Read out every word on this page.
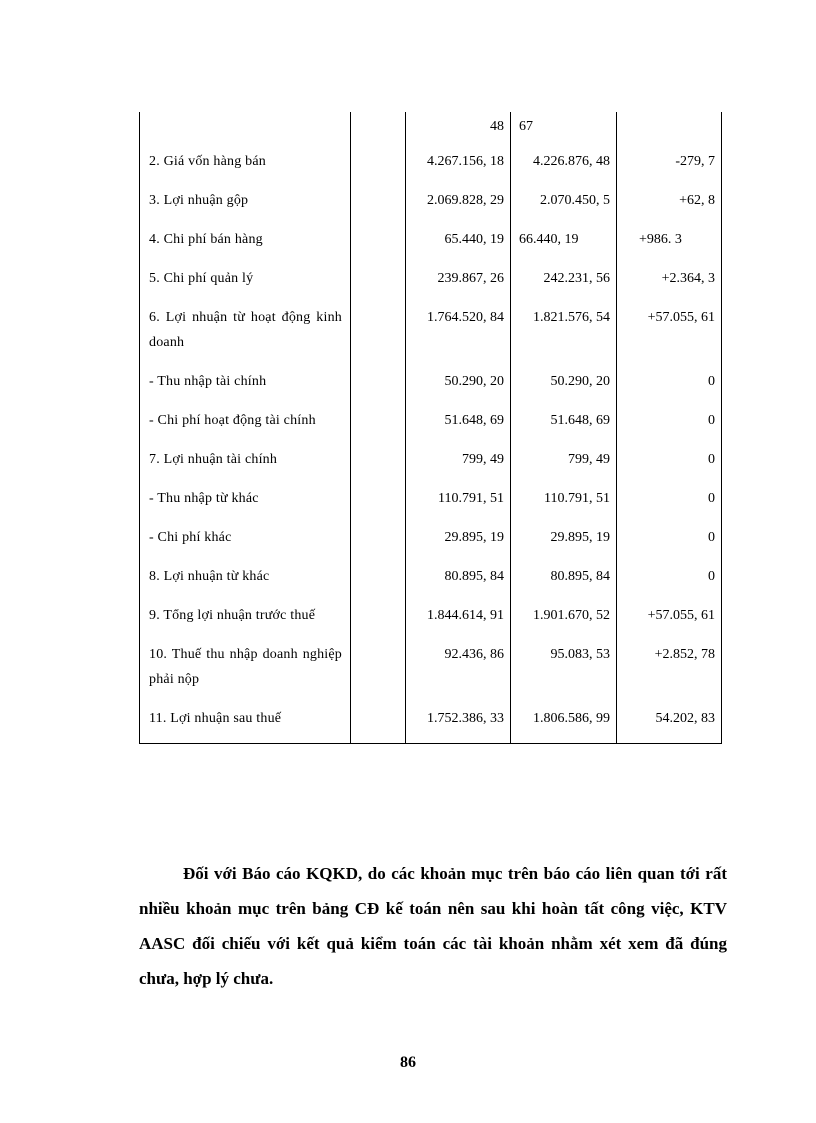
		48	67	
2. Giá vốn hàng bán		4.267.156, 18	4.226.876, 48	-279, 7
3. Lợi nhuận gộp		2.069.828, 29	2.070.450, 5	+62, 8
4. Chi phí bán hàng		65.440, 19	66.440, 19	+986. 3
5. Chi phí quản lý		239.867, 26	242.231, 56	+2.364, 3
6. Lợi nhuận từ hoạt động kinh doanh		1.764.520, 84	1.821.576, 54	+57.055, 61
- Thu nhập tài chính		50.290, 20	50.290, 20	0
- Chi phí hoạt động tài chính		51.648, 69	51.648, 69	0
7. Lợi nhuận tài chính		799, 49	799, 49	0
- Thu nhập từ khác		110.791, 51	110.791, 51	0
- Chi phí khác		29.895, 19	29.895, 19	0
8. Lợi nhuận từ khác		80.895, 84	80.895, 84	0
9. Tổng lợi nhuận trước thuế		1.844.614, 91	1.901.670, 52	+57.055, 61
10. Thuế thu nhập doanh nghiệp phải nộp		92.436, 86	95.083, 53	+2.852, 78
11. Lợi nhuận sau thuế		1.752.386, 33	1.806.586, 99	54.202, 83
Đối với Báo cáo KQKD, do các khoản mục trên báo cáo liên quan tới rất nhiều khoản mục trên bảng CĐ kế toán nên sau khi hoàn tất công việc, KTV AASC đối chiếu với kết quả kiểm toán các tài khoản nhằm xét xem đã đúng chưa, hợp lý chưa.
86
